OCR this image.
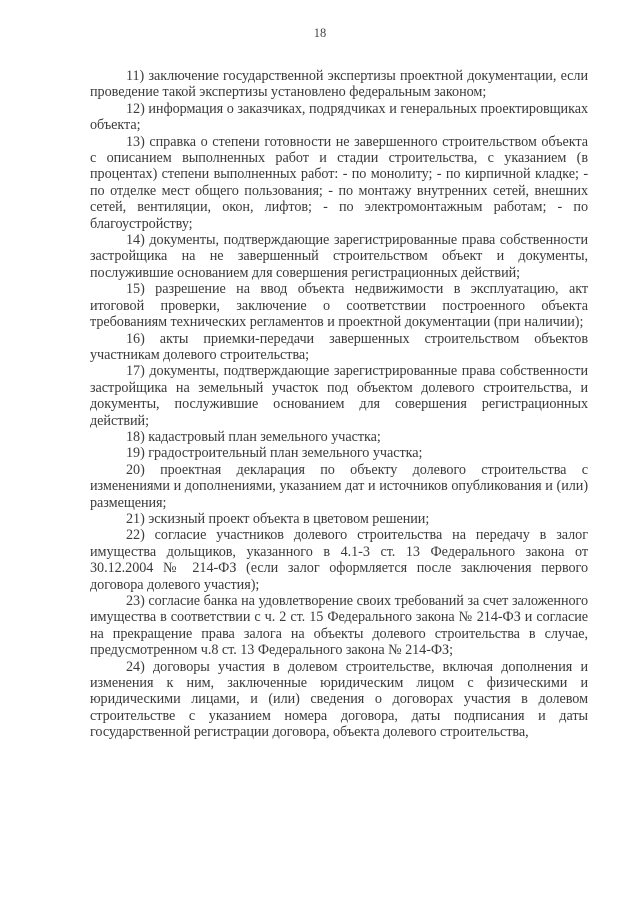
18

11) заключение государственной экспертизы проектной документации, если проведение такой экспертизы установлено федеральным законом;

12) информация о заказчиках, подрядчиках и генеральных проектировщиках объекта;

13) справка о степени готовности не завершенного строительством объекта с описанием выполненных работ и стадии строительства, с указанием (в процентах) степени выполненных работ: - по монолиту; - по кирпичной кладке; - по отделке мест общего пользования; - по монтажу внутренних сетей, внешних сетей, вентиляции, окон, лифтов; - по электромонтажным работам; - по благоустройству;

14) документы, подтверждающие зарегистрированные права собственности застройщика на не завершенный строительством объект и документы, послужившие основанием для совершения регистрационных действий;

15) разрешение на ввод объекта недвижимости в эксплуатацию, акт итоговой проверки, заключение о соответствии построенного объекта требованиям технических регламентов и проектной документации (при наличии);

16) акты приемки-передачи завершенных строительством объектов участникам долевого строительства;

17) документы, подтверждающие зарегистрированные права собственности застройщика на земельный участок под объектом долевого строительства, и документы, послужившие основанием для совершения регистрационных действий;

18) кадастровый план земельного участка;

19) градостроительный план земельного участка;

20) проектная декларация по объекту долевого строительства с изменениями и дополнениями, указанием дат и источников опубликования и (или) размещения;

21) эскизный проект объекта в цветовом решении;

22) согласие участников долевого строительства на передачу в залог имущества дольщиков, указанного в 4.1-3 ст. 13 Федерального закона от 30.12.2004 № 214-ФЗ (если залог оформляется после заключения первого договора долевого участия);

23) согласие банка на удовлетворение своих требований за счет заложенного имущества в соответствии с ч. 2 ст. 15 Федерального закона № 214-ФЗ и согласие на прекращение права залога на объекты долевого строительства в случае, предусмотренном ч.8 ст. 13 Федерального закона № 214-ФЗ;

24) договоры участия в долевом строительстве, включая дополнения и изменения к ним, заключенные юридическим лицом с физическими и юридическими лицами, и (или) сведения о договорах участия в долевом строительстве с указанием номера договора, даты подписания и даты государственной регистрации договора, объекта долевого строительства,
